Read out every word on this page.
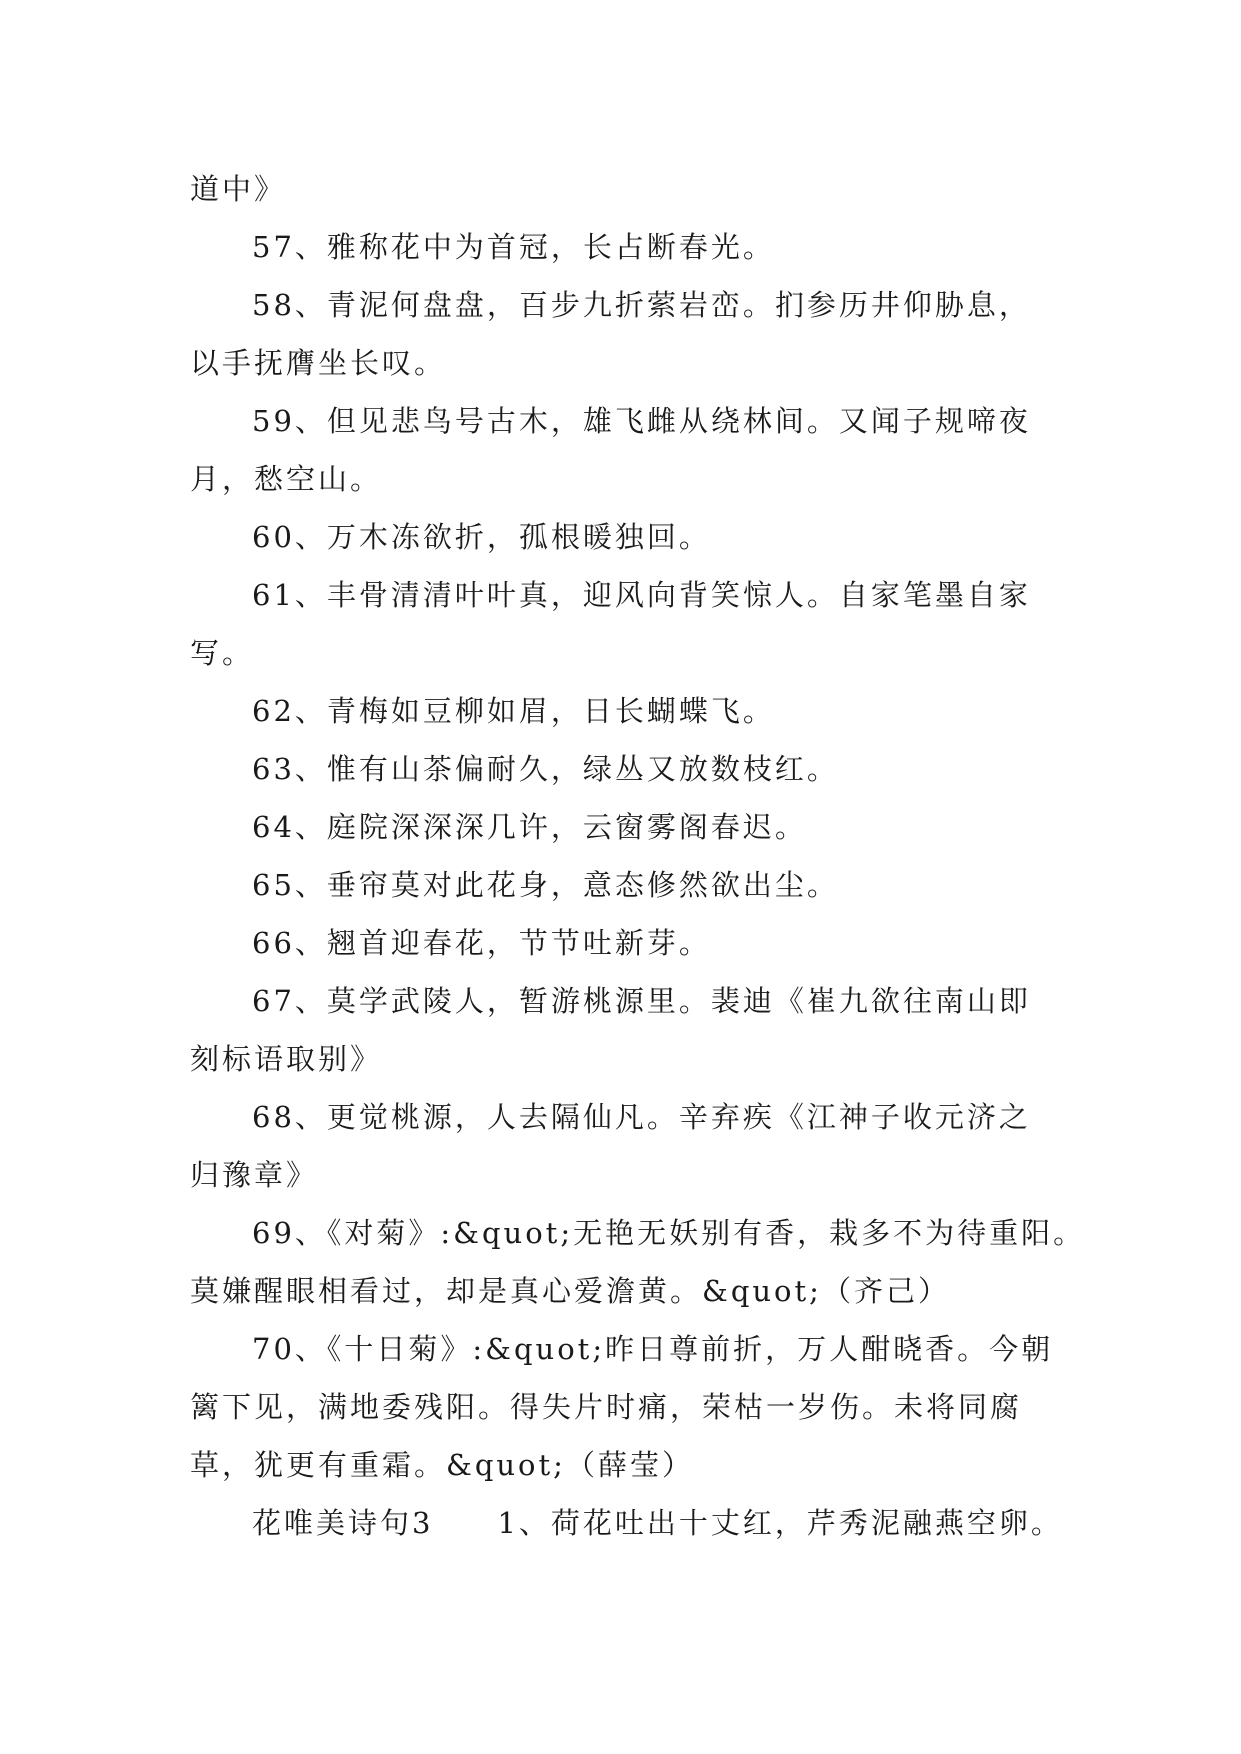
道中》
57、雅称花中为首冠，长占断春光。
58、青泥何盘盘，百步九折萦岩峦。扪参历井仰胁息，
以手抚膺坐长叹。
59、但见悲鸟号古木，雄飞雌从绕林间。又闻子规啼夜
月，愁空山。
60、万木冻欲折，孤根暖独回。
61、丰骨清清叶叶真，迎风向背笑惊人。自家笔墨自家
写。
62、青梅如豆柳如眉，日长蝴蝶飞。
63、惟有山茶偏耐久，绿丛又放数枝红。
64、庭院深深深几许，云窗雾阁春迟。
65、垂帘莫对此花身，意态修然欲出尘。
66、翘首迎春花，节节吐新芽。
67、莫学武陵人，暂游桃源里。裴迪《崔九欲往南山即
刻标语取别》
68、更觉桃源，人去隔仙凡。辛弃疾《江神子收元济之
归豫章》
69、《对菊》:&quot;无艳无妖别有香，栽多不为待重阳。
莫嫌醒眼相看过，却是真心爱澹黄。&quot;（齐己）
70、《十日菊》:&quot;昨日尊前折，万人酣晓香。今朝
篱下见，满地委残阳。得失片时痛，荣枯一岁伤。未将同腐
草，犹更有重霜。&quot;（薛莹）
花唯美诗句3　　1、荷花吐出十丈红，芹秀泥融燕空卵。
